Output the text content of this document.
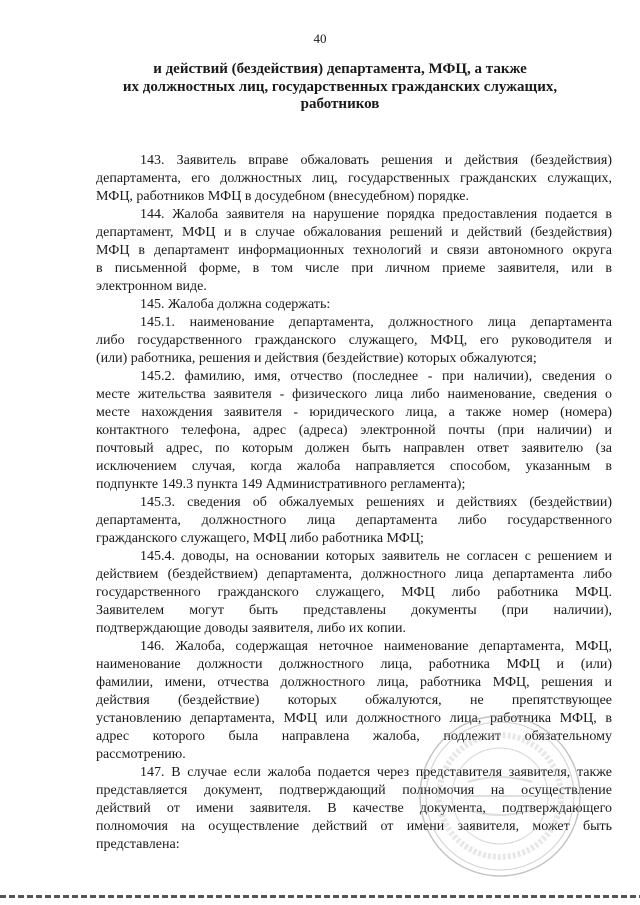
40
и действий (бездействия) департамента, МФЦ, а также
их должностных лиц, государственных гражданских служащих,
работников
143. Заявитель вправе обжаловать решения и действия (бездействия)
департамента, его должностных лиц, государственных гражданских служащих,
МФЦ, работников МФЦ в досудебном (внесудебном) порядке.
144. Жалоба заявителя на нарушение порядка предоставления подается в
департамент, МФЦ и в случае обжалования решений и действий (бездействия)
МФЦ в департамент информационных технологий и связи автономного округа
в письменной форме, в том числе при личном приеме заявителя, или в
электронном виде.
145. Жалоба должна содержать:
145.1. наименование департамента, должностного лица департамента
либо государственного гражданского служащего, МФЦ, его руководителя и
(или) работника, решения и действия (бездействие) которых обжалуются;
145.2. фамилию, имя, отчество (последнее - при наличии), сведения о
месте жительства заявителя - физического лица либо наименование, сведения о
месте нахождения заявителя - юридического лица, а также номер (номера)
контактного телефона, адрес (адреса) электронной почты (при наличии) и
почтовый адрес, по которым должен быть направлен ответ заявителю (за
исключением случая, когда жалоба направляется способом, указанным в
подпункте 149.3 пункта 149 Административного регламента);
145.3. сведения об обжалуемых решениях и действиях (бездействии)
департамента, должностного лица департамента либо государственного
гражданского служащего, МФЦ либо работника МФЦ;
145.4. доводы, на основании которых заявитель не согласен с решением и
действием (бездействием) департамента, должностного лица департамента либо
государственного гражданского служащего, МФЦ либо работника МФЦ.
Заявителем могут быть представлены документы (при наличии),
подтверждающие доводы заявителя, либо их копии.
146. Жалоба, содержащая неточное наименование департамента, МФЦ,
наименование должности должностного лица, работника МФЦ и (или)
фамилии, имени, отчества должностного лица, работника МФЦ, решения и
действия (бездействие) которых обжалуются, не препятствующее
установлению департамента, МФЦ или должностного лица, работника МФЦ, в
адрес которого была направлена жалоба, подлежит обязательному
рассмотрению.
147. В случае если жалоба подается через представителя заявителя, также
представляется документ, подтверждающий полномочия на осуществление
действий от имени заявителя. В качестве документа, подтверждающего
полномочия на осуществление действий от имени заявителя, может быть
представлена:
